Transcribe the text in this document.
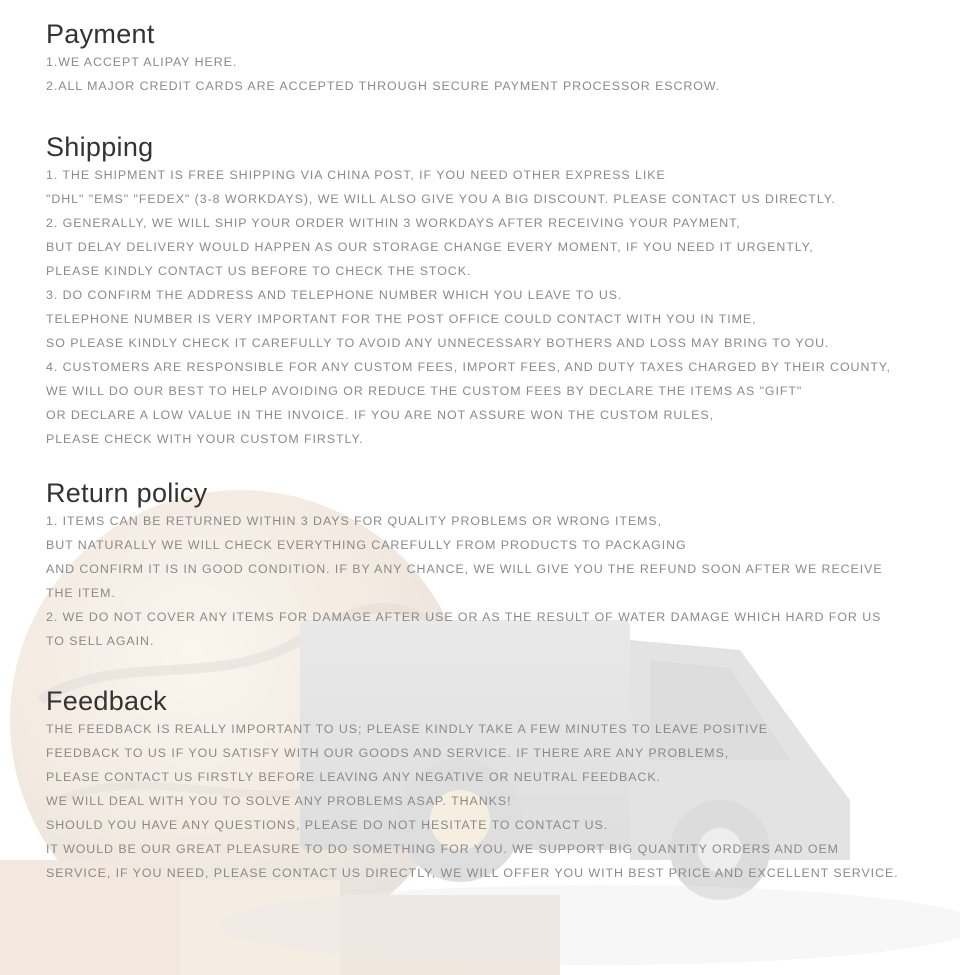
Payment
1.WE ACCEPT ALIPAY HERE.
2.ALL MAJOR CREDIT CARDS ARE ACCEPTED THROUGH SECURE PAYMENT PROCESSOR ESCROW.
Shipping
1. THE SHIPMENT IS FREE SHIPPING VIA CHINA POST, IF YOU NEED OTHER EXPRESS LIKE
"DHL" "EMS" "FEDEX" (3-8 WORKDAYS), WE WILL ALSO GIVE YOU A BIG DISCOUNT. PLEASE CONTACT US DIRECTLY.
2. GENERALLY, WE WILL SHIP YOUR ORDER WITHIN 3 WORKDAYS AFTER RECEIVING YOUR PAYMENT,
BUT DELAY DELIVERY WOULD HAPPEN AS OUR STORAGE CHANGE EVERY MOMENT, IF YOU NEED IT URGENTLY,
PLEASE KINDLY CONTACT US BEFORE TO CHECK THE STOCK.
3. DO CONFIRM THE ADDRESS AND TELEPHONE NUMBER WHICH YOU LEAVE TO US.
TELEPHONE NUMBER IS VERY IMPORTANT FOR THE POST OFFICE COULD CONTACT WITH YOU IN TIME,
SO PLEASE KINDLY CHECK IT CAREFULLY TO AVOID ANY UNNECESSARY BOTHERS AND LOSS MAY BRING TO YOU.
4. CUSTOMERS ARE RESPONSIBLE FOR ANY CUSTOM FEES, IMPORT FEES, AND DUTY TAXES CHARGED BY THEIR COUNTY,
WE WILL DO OUR BEST TO HELP AVOIDING OR REDUCE THE CUSTOM FEES BY DECLARE THE ITEMS AS "GIFT"
OR DECLARE A LOW VALUE IN THE INVOICE. IF YOU ARE NOT ASSURE WON THE CUSTOM RULES,
PLEASE CHECK WITH YOUR CUSTOM FIRSTLY.
Return policy
1. ITEMS CAN BE RETURNED WITHIN 3 DAYS FOR QUALITY PROBLEMS OR WRONG ITEMS,
BUT NATURALLY WE WILL CHECK EVERYTHING CAREFULLY FROM PRODUCTS TO PACKAGING
AND CONFIRM IT IS IN GOOD CONDITION. IF BY ANY CHANCE, WE WILL GIVE YOU THE REFUND SOON AFTER WE RECEIVE
THE ITEM.
2. WE DO NOT COVER ANY ITEMS FOR DAMAGE AFTER USE OR AS THE RESULT OF WATER DAMAGE WHICH HARD FOR US
TO SELL AGAIN.
Feedback
THE FEEDBACK IS REALLY IMPORTANT TO US; PLEASE KINDLY TAKE A FEW MINUTES TO LEAVE POSITIVE
FEEDBACK TO US IF YOU SATISFY WITH OUR GOODS AND SERVICE. IF THERE ARE ANY PROBLEMS,
PLEASE CONTACT US FIRSTLY BEFORE LEAVING ANY NEGATIVE OR NEUTRAL FEEDBACK.
WE WILL DEAL WITH YOU TO SOLVE ANY PROBLEMS ASAP. THANKS!
SHOULD YOU HAVE ANY QUESTIONS, PLEASE DO NOT HESITATE TO CONTACT US.
IT WOULD BE OUR GREAT PLEASURE TO DO SOMETHING FOR YOU. WE SUPPORT BIG QUANTITY ORDERS AND OEM
SERVICE, IF YOU NEED, PLEASE CONTACT US DIRECTLY, WE WILL OFFER YOU WITH BEST PRICE AND EXCELLENT SERVICE.
